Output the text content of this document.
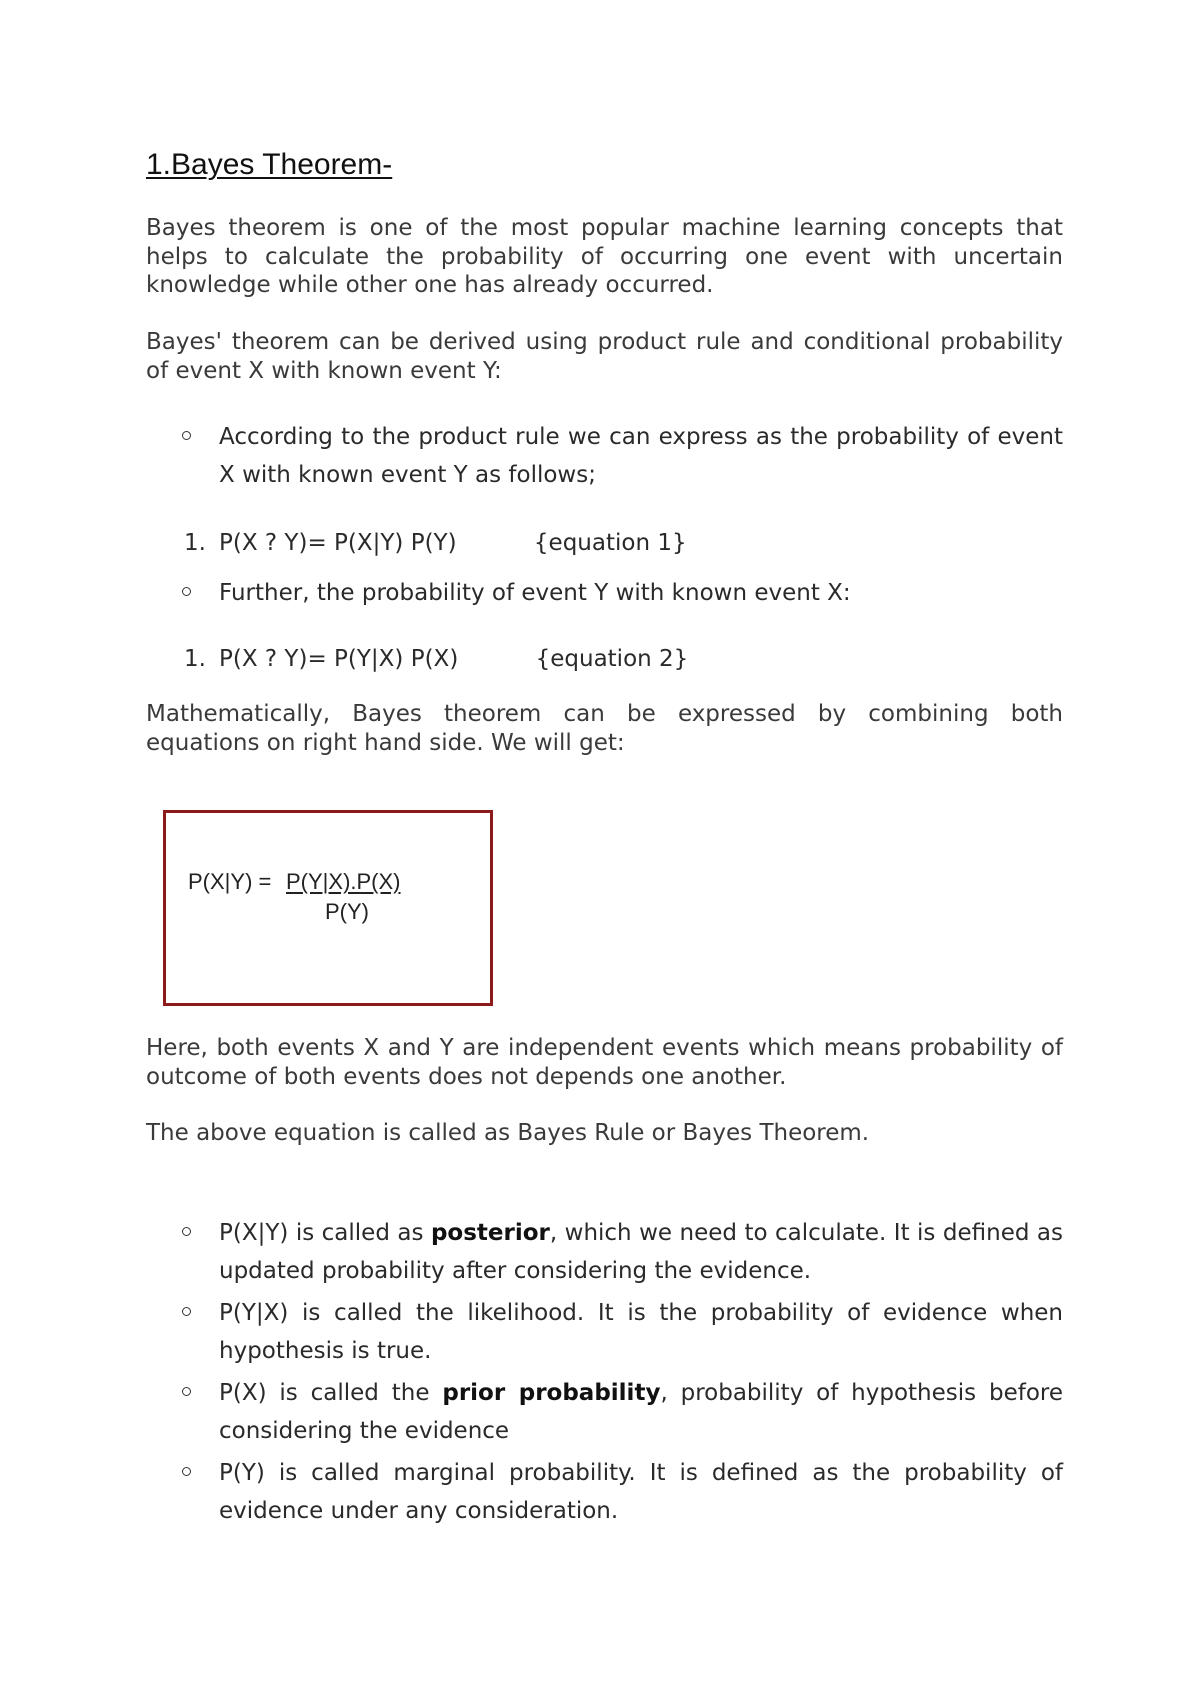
1.Bayes Theorem-

Bayes theorem is one of the most popular machine learning concepts that helps to calculate the probability of occurring one event with uncertain knowledge while other one has already occurred.

Bayes' theorem can be derived using product rule and conditional probability of event X with known event Y:

According to the product rule we can express as the probability of event X with known event Y as follows;
1. P(X ? Y)= P(X|Y) P(Y)	{equation 1}
Further, the probability of event Y with known event X:
1. P(X ? Y)= P(Y|X) P(X)	{equation 2}

Mathematically, Bayes theorem can be expressed by combining both equations on right hand side. We will get:

P(X|Y) = P(Y|X).P(X)
P(Y)

Here, both events X and Y are independent events which means probability of outcome of both events does not depends one another.

The above equation is called as Bayes Rule or Bayes Theorem.

P(X|Y) is called as posterior, which we need to calculate. It is defined as updated probability after considering the evidence.
P(Y|X) is called the likelihood. It is the probability of evidence when hypothesis is true.
P(X) is called the prior probability, probability of hypothesis before considering the evidence
P(Y) is called marginal probability. It is defined as the probability of evidence under any consideration.
